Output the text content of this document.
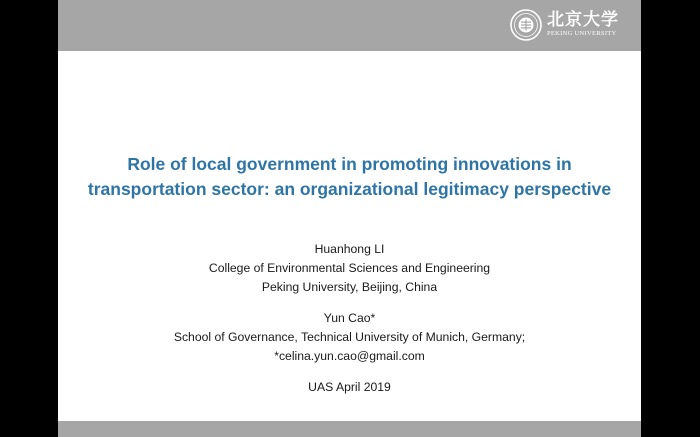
北京大学
PEKING UNIVERSITY
Role of local government in promoting innovations in
transportation sector: an organizational legitimacy perspective

Huanhong LI

College of Environmental Sciences and Engineering

Peking University, Beijing, China

Yun Cao*

School of Governance, Technical University of Munich, Germany;

*celina.yun.cao@gmail.com

UAS April 2019
